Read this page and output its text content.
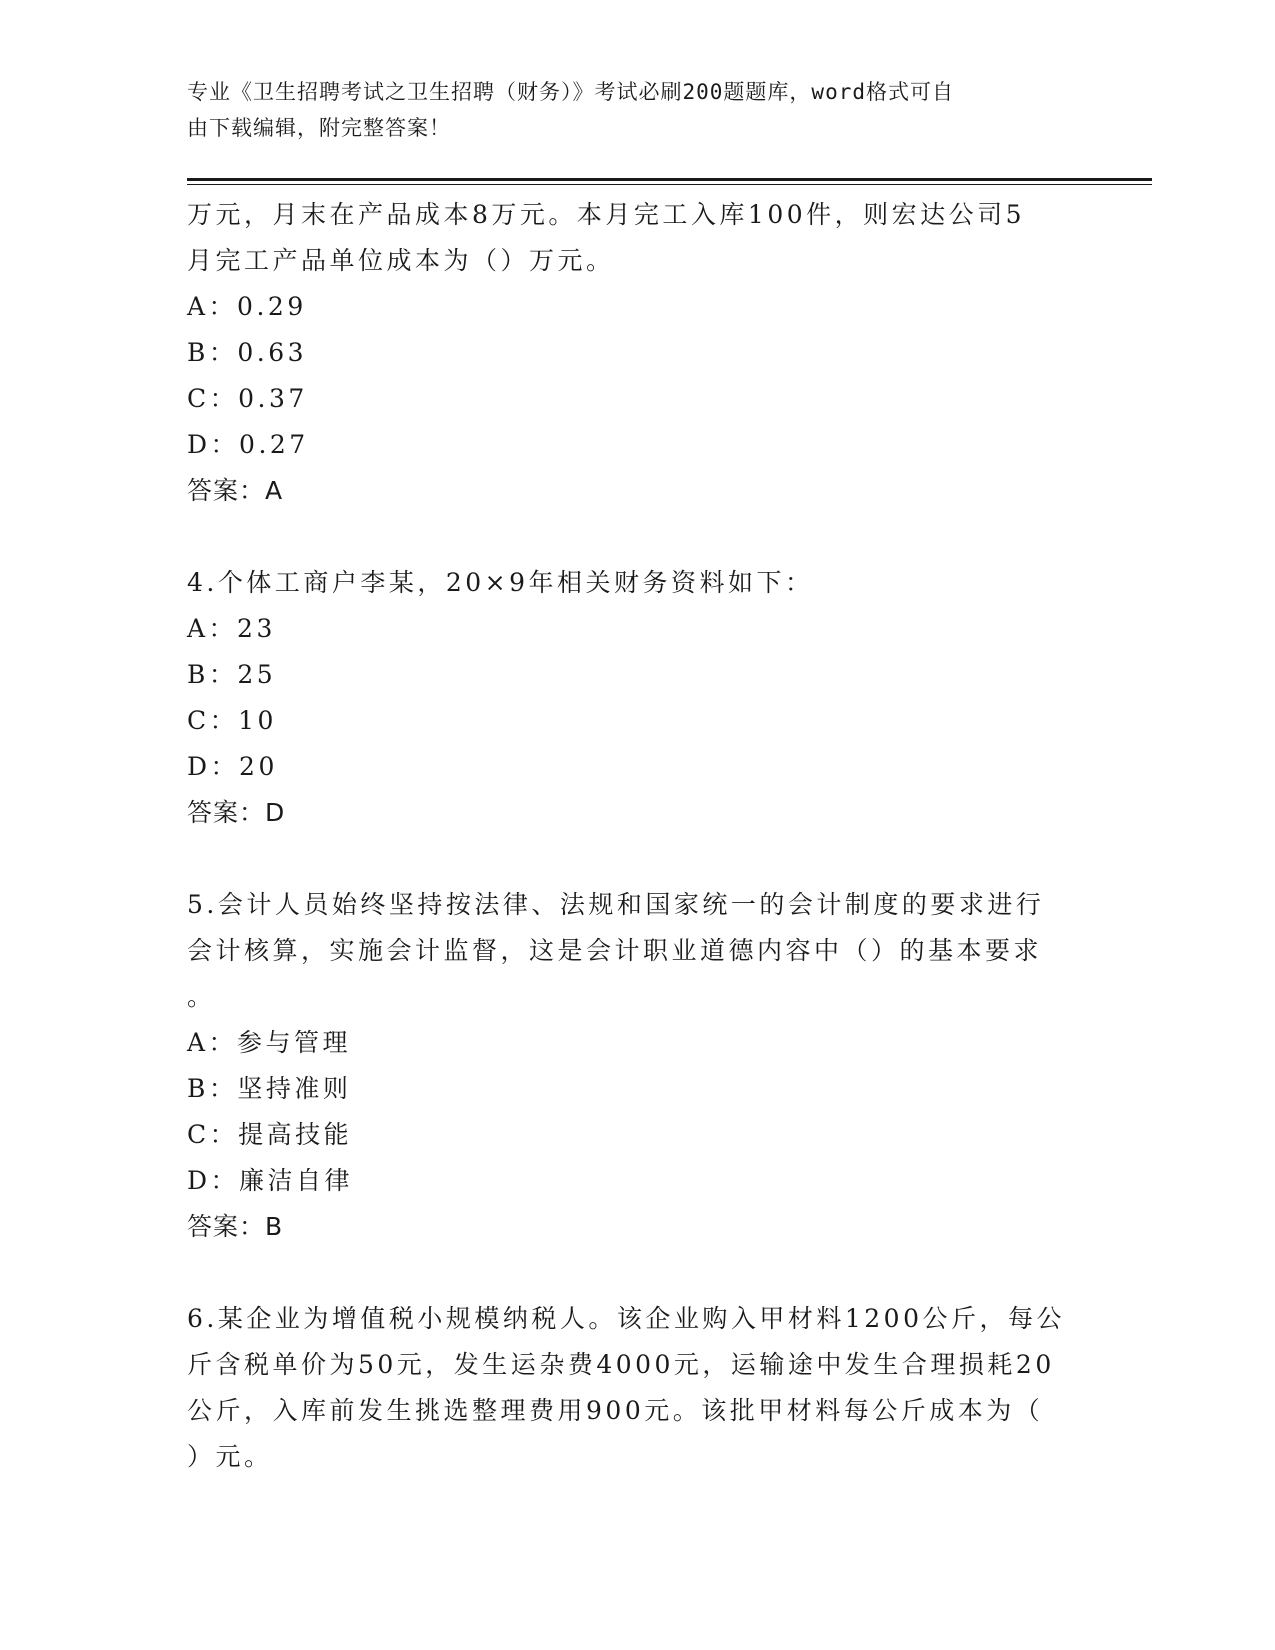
专业《卫生招聘考试之卫生招聘（财务）》考试必刷200题题库，word格式可自
由下载编辑，附完整答案！
万元，月末在产品成本8万元。本月完工入库100件，则宏达公司5
月完工产品单位成本为（）万元。
A：0.29
B：0.63
C：0.37
D：0.27
答案：A
4.个体工商户李某，20×9年相关财务资料如下：
A：23
B：25
C：10
D：20
答案：D
5.会计人员始终坚持按法律、法规和国家统一的会计制度的要求进行
会计核算，实施会计监督，这是会计职业道德内容中（）的基本要求
。
A：参与管理
B：坚持准则
C：提高技能
D：廉洁自律
答案：B
6.某企业为增值税小规模纳税人。该企业购入甲材料1200公斤，每公
斤含税单价为50元，发生运杂费4000元，运输途中发生合理损耗20
公斤，入库前发生挑选整理费用900元。该批甲材料每公斤成本为（
）元。
